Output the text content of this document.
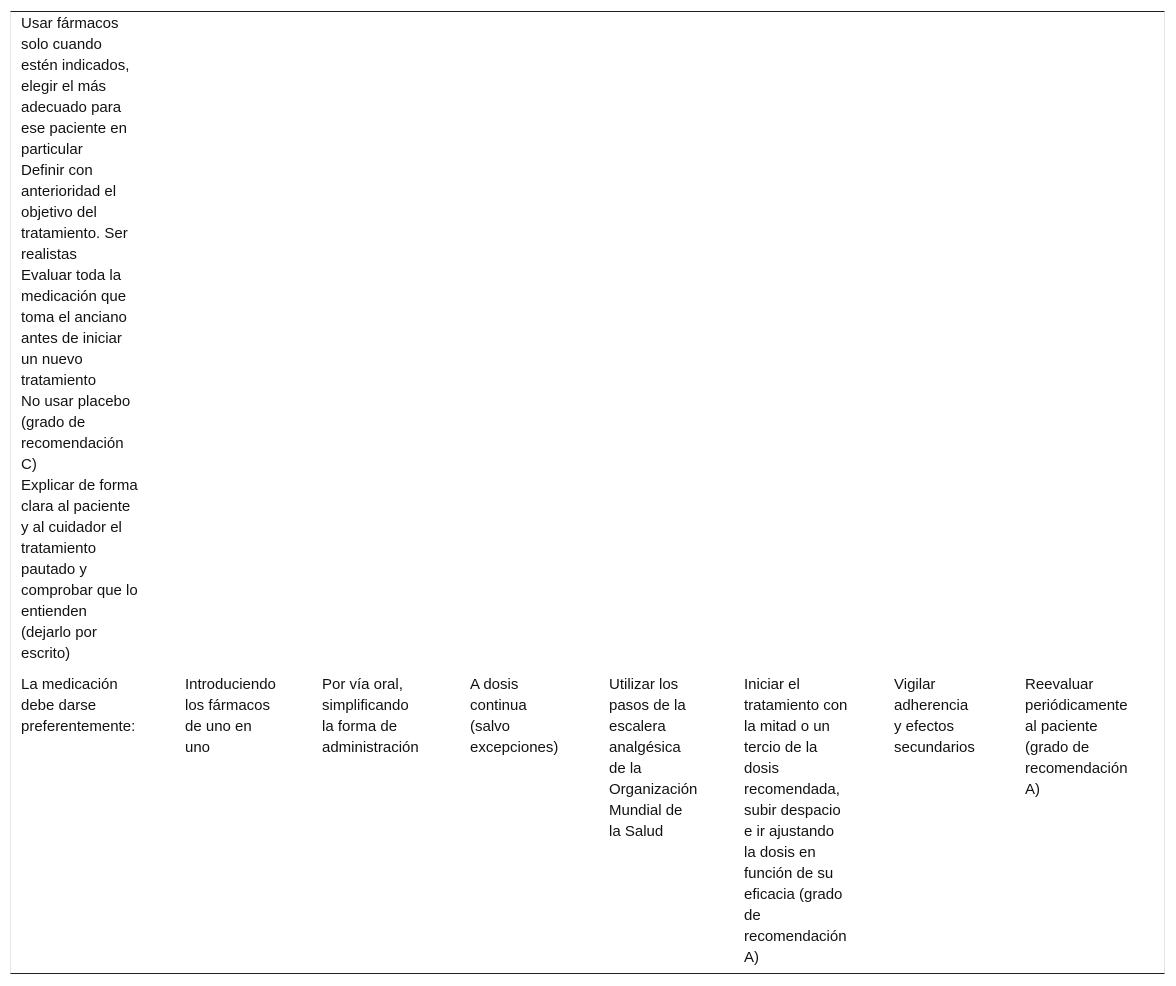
Usar fármacos
solo cuando
estén indicados,
elegir el más
adecuado para
ese paciente en
particular
Definir con
anterioridad el
objetivo del
tratamiento. Ser
realistas
Evaluar toda la
medicación que
toma el anciano
antes de iniciar
un nuevo
tratamiento
No usar placebo
(grado de
recomendación
C)
Explicar de forma
clara al paciente
y al cuidador el
tratamiento
pautado y
comprobar que lo
entienden
(dejarlo por
escrito)
La medicación
debe darse
preferentemente:
Introduciendo
los fármacos
de uno en
uno
Por vía oral,
simplificando
la forma de
administración
A dosis
continua
(salvo
excepciones)
Utilizar los
pasos de la
escalera
analgésica
de la
Organización
Mundial de
la Salud
Iniciar el
tratamiento con
la mitad o un
tercio de la
dosis
recomendada,
subir despacio
e ir ajustando
la dosis en
función de su
eficacia (grado
de
recomendación
A)
Vigilar
adherencia
y efectos
secundarios
Reevaluar
periódicamente
al paciente
(grado de
recomendación
A)
